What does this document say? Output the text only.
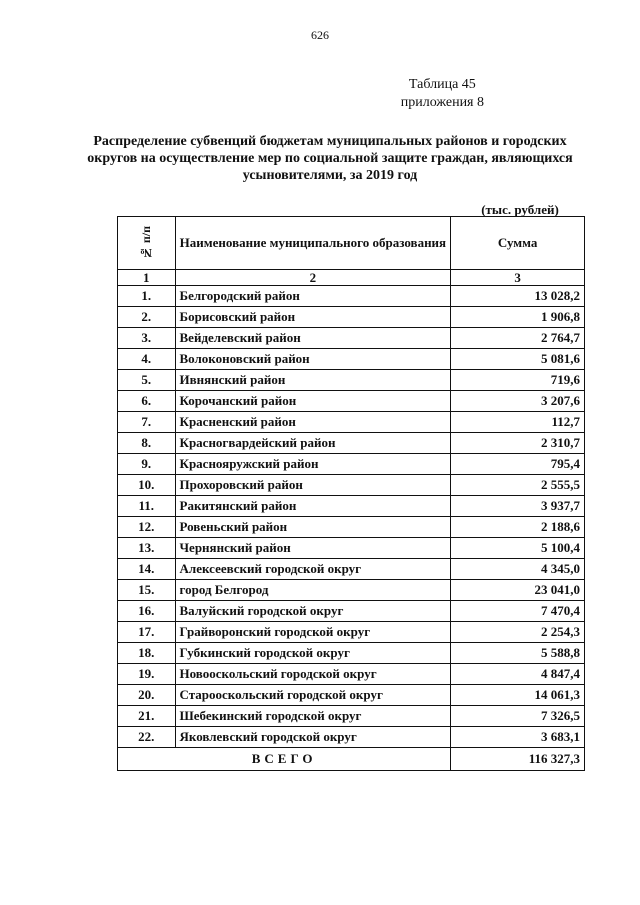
626
Таблица 45
приложения 8
Распределение субвенций бюджетам муниципальных районов и городских округов на осуществление мер по социальной защите граждан, являющихся усыновителями, за 2019 год
(тыс. рублей)
№ п/п	Наименование муниципального образования	Сумма
1	2	3
1.	Белгородский район	13 028,2
2.	Борисовский район	1 906,8
3.	Вейделевский район	2 764,7
4.	Волоконовский район	5 081,6
5.	Ивнянский район	719,6
6.	Корочанский район	3 207,6
7.	Красненский район	112,7
8.	Красногвардейский район	2 310,7
9.	Краснояружский район	795,4
10.	Прохоровский район	2 555,5
11.	Ракитянский район	3 937,7
12.	Ровеньский район	2 188,6
13.	Чернянский район	5 100,4
14.	Алексеевский городской округ	4 345,0
15.	город Белгород	23 041,0
16.	Валуйский городской округ	7 470,4
17.	Грайворонский городской округ	2 254,3
18.	Губкинский городской округ	5 588,8
19.	Новооскольский городской округ	4 847,4
20.	Старооскольский городской округ	14 061,3
21.	Шебекинский городской округ	7 326,5
22.	Яковлевский городской округ	3 683,1
ВСЕГО		116 327,3
